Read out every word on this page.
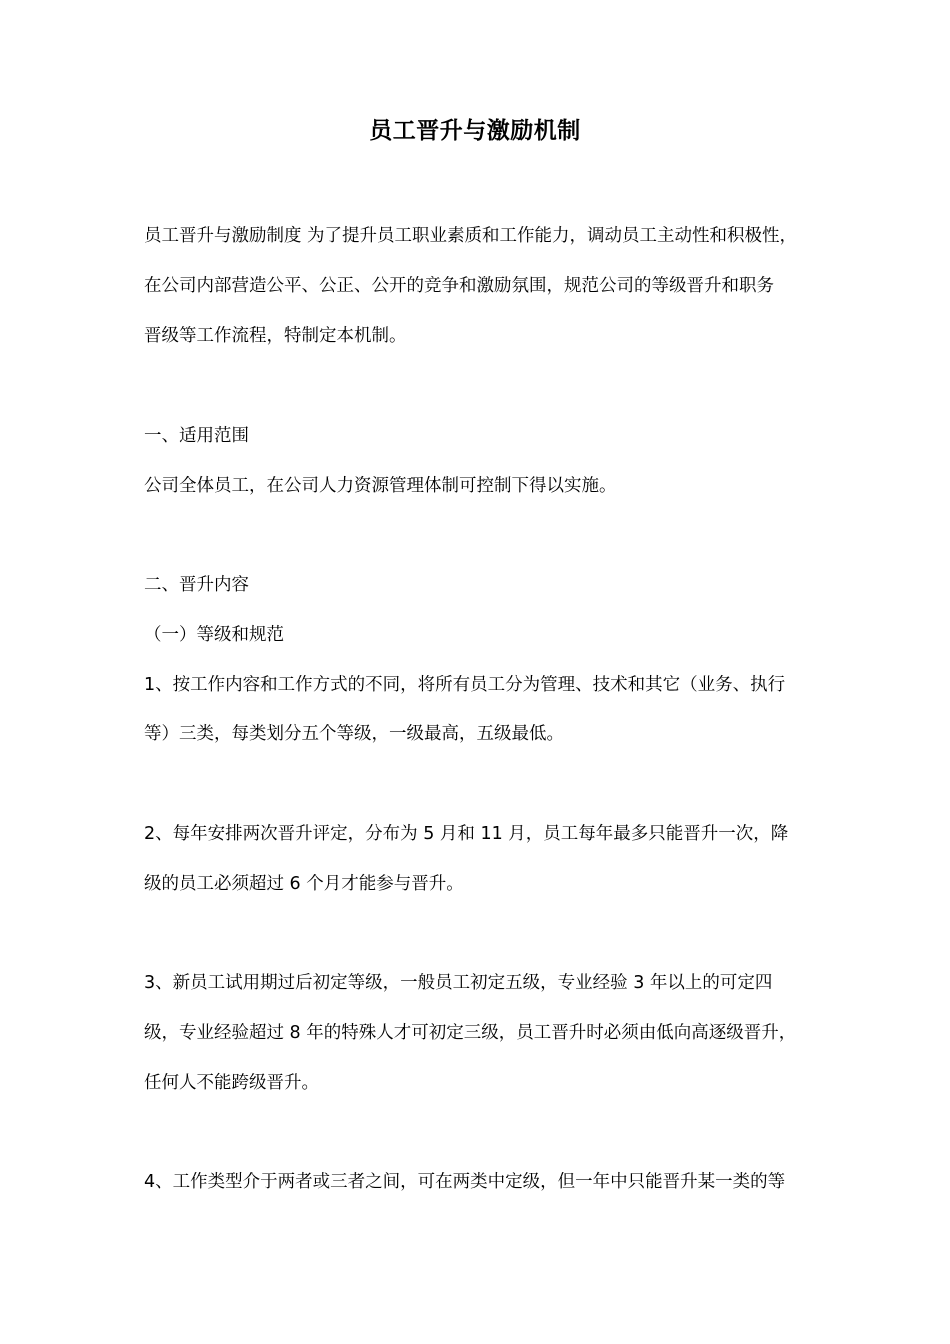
员工晋升与激励机制
员工晋升与激励制度 为了提升员工职业素质和工作能力，调动员工主动性和积极性，
在公司内部营造公平、公正、公开的竞争和激励氛围，规范公司的等级晋升和职务
晋级等工作流程，特制定本机制。
一、适用范围
公司全体员工，在公司人力资源管理体制可控制下得以实施。
二、晋升内容
（一）等级和规范
1、按工作内容和工作方式的不同，将所有员工分为管理、技术和其它（业务、执行
等）三类，每类划分五个等级，一级最高，五级最低。
2、每年安排两次晋升评定，分布为 5 月和 11 月，员工每年最多只能晋升一次，降
级的员工必须超过 6 个月才能参与晋升。
3、新员工试用期过后初定等级，一般员工初定五级，专业经验 3 年以上的可定四
级，专业经验超过 8 年的特殊人才可初定三级，员工晋升时必须由低向高逐级晋升，
任何人不能跨级晋升。
4、工作类型介于两者或三者之间，可在两类中定级，但一年中只能晋升某一类的等
